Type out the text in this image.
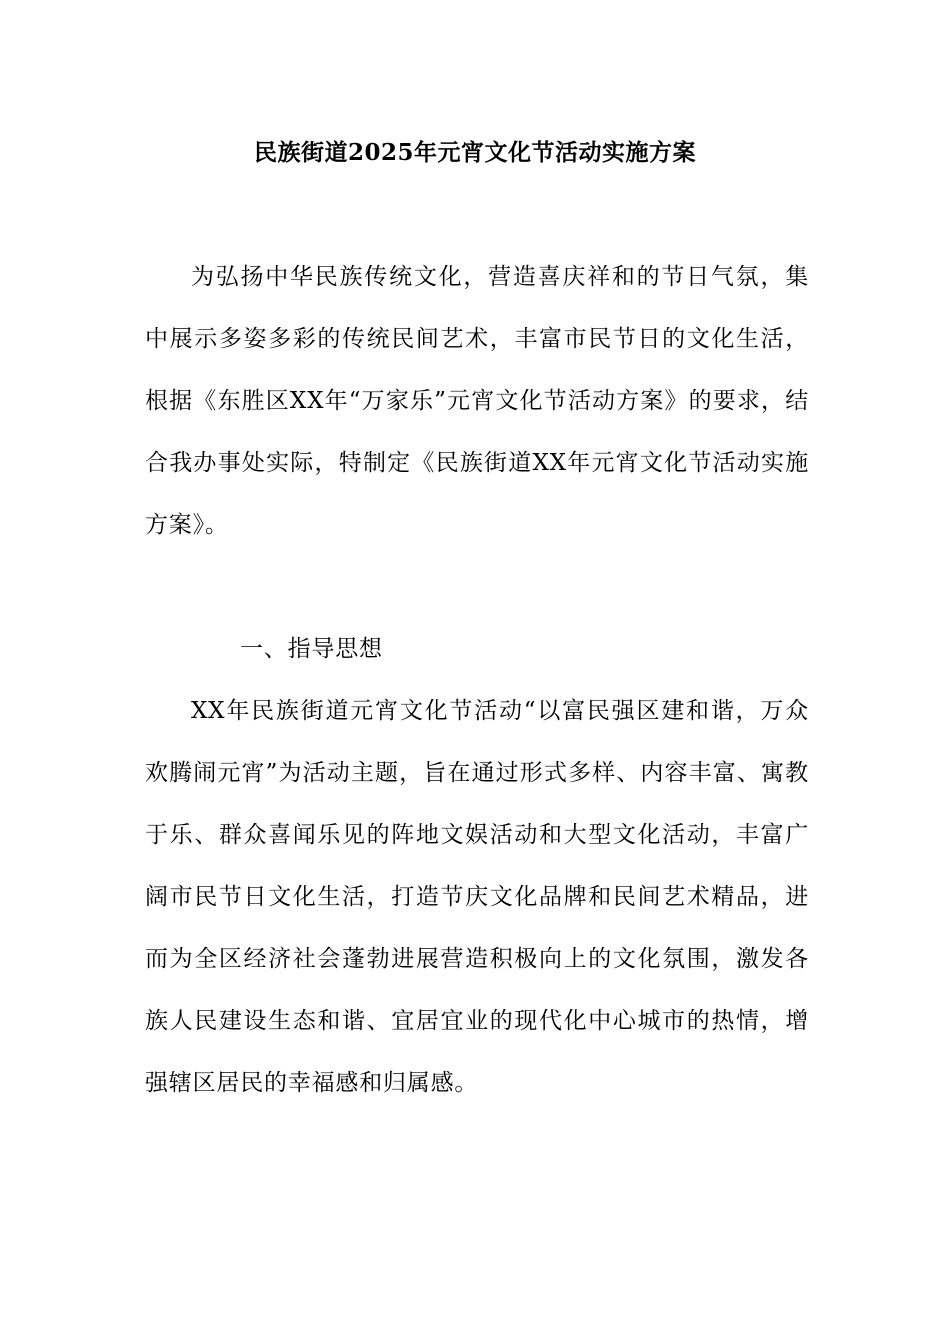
民族街道2025年元宵文化节活动实施方案

为弘扬中华民族传统文化，营造喜庆祥和的节日气氛，集中展示多姿多彩的传统民间艺术，丰富市民节日的文化生活，根据《东胜区XX年“万家乐”元宵文化节活动方案》的要求，结合我办事处实际，特制定《民族街道XX年元宵文化节活动实施方案》。

一、指导思想

XX年民族街道元宵文化节活动“以富民强区建和谐，万众欢腾闹元宵”为活动主题，旨在通过形式多样、内容丰富、寓教于乐、群众喜闻乐见的阵地文娱活动和大型文化活动，丰富广阔市民节日文化生活，打造节庆文化品牌和民间艺术精品，进而为全区经济社会蓬勃进展营造积极向上的文化氛围，激发各族人民建设生态和谐、宜居宜业的现代化中心城市的热情，增强辖区居民的幸福感和归属感。
